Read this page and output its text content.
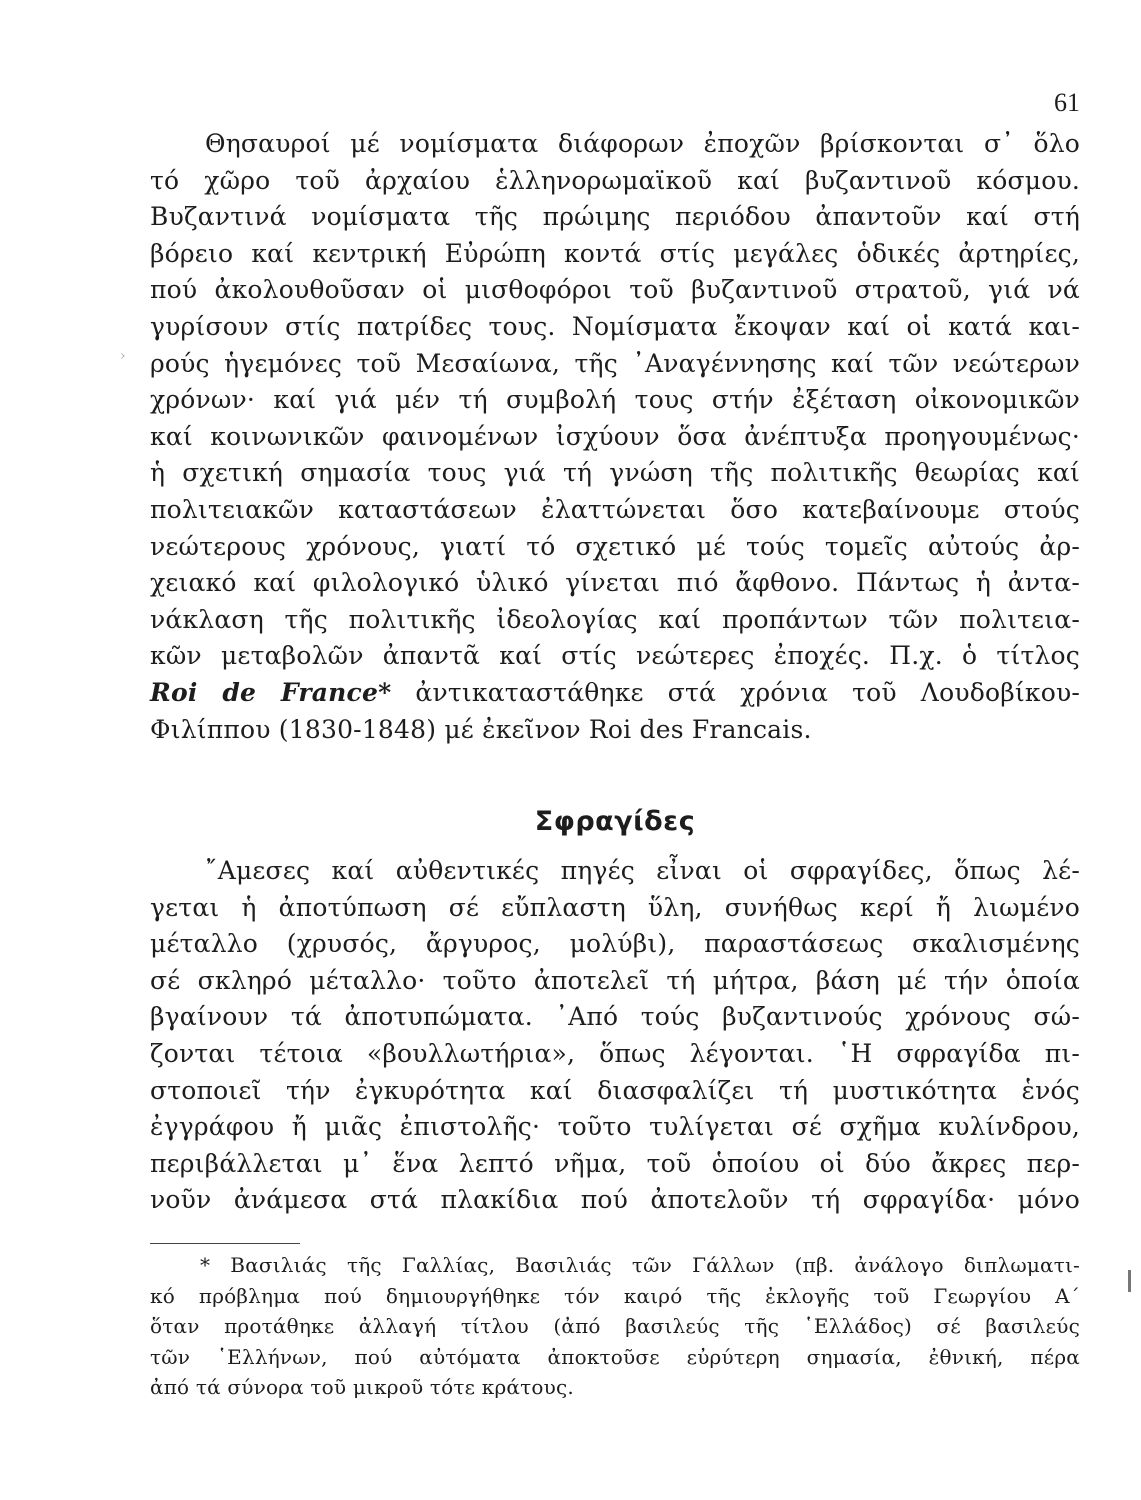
61
›
Θησαυροί μέ νομίσματα διάφορων ἐποχῶν βρίσκονται σ᾽ ὅλο
τό χῶρο τοῦ ἀρχαίου ἑλληνορωμαϊκοῦ καί βυζαντινοῦ κόσμου.
Βυζαντινά νομίσματα τῆς πρώιμης περιόδου ἀπαντοῦν καί στή
βόρειο καί κεντρική Εὐρώπη κοντά στίς μεγάλες ὁδικές ἀρτηρίες,
πού ἀκολουθοῦσαν οἱ μισθοφόροι τοῦ βυζαντινοῦ στρατοῦ, γιά νά
γυρίσουν στίς πατρίδες τους. Νομίσματα ἔκοψαν καί οἱ κατά και-
ρούς ἡγεμόνες τοῦ Μεσαίωνα, τῆς ᾿Αναγέννησης καί τῶν νεώτερων
χρόνων· καί γιά μέν τή συμβολή τους στήν ἐξέταση οἰκονομικῶν
καί κοινωνικῶν φαινομένων ἰσχύουν ὅσα ἀνέπτυξα προηγουμένως·
ἡ σχετική σημασία τους γιά τή γνώση τῆς πολιτικῆς θεωρίας καί
πολιτειακῶν καταστάσεων ἐλαττώνεται ὅσο κατεβαίνουμε στούς
νεώτερους χρόνους, γιατί τό σχετικό μέ τούς τομεῖς αὐτούς ἀρ-
χειακό καί φιλολογικό ὑλικό γίνεται πιό ἄφθονο. Πάντως ἡ ἀντα-
νάκλαση τῆς πολιτικῆς ἰδεολογίας καί προπάντων τῶν πολιτεια-
κῶν μεταβολῶν ἀπαντᾶ καί στίς νεώτερες ἐποχές. Π.χ. ὁ τίτλος
Roi de France* ἀντικαταστάθηκε στά χρόνια τοῦ Λουδοβίκου-
Φιλίππου (1830-1848) μέ ἐκεῖνον Roi des Francais.
Σφραγίδες
῎Αμεσες καί αὐθεντικές πηγές εἶναι οἱ σφραγίδες, ὅπως λέ-
γεται ἡ ἀποτύπωση σέ εὔπλαστη ὕλη, συνήθως κερί ἤ λιωμένο
μέταλλο (χρυσός, ἄργυρος, μολύβι), παραστάσεως σκαλισμένης
σέ σκληρό μέταλλο· τοῦτο ἀποτελεῖ τή μήτρα, βάση μέ τήν ὁποία
βγαίνουν τά ἀποτυπώματα. ᾿Από τούς βυζαντινούς χρόνους σώ-
ζονται τέτοια «βουλλωτήρια», ὅπως λέγονται. ῾Η σφραγίδα πι-
στοποιεῖ τήν ἐγκυρότητα καί διασφαλίζει τή μυστικότητα ἑνός
ἐγγράφου ἤ μιᾶς ἐπιστολῆς· τοῦτο τυλίγεται σέ σχῆμα κυλίνδρου,
περιβάλλεται μ᾽ ἕνα λεπτό νῆμα, τοῦ ὁποίου οἱ δύο ἄκρες περ-
νοῦν ἀνάμεσα στά πλακίδια πού ἀποτελοῦν τή σφραγίδα· μόνο
* Βασιλιάς τῆς Γαλλίας, Βασιλιάς τῶν Γάλλων (πβ. ἀνάλογο διπλωματι-
κό πρόβλημα πού δημιουργήθηκε τόν καιρό τῆς ἐκλογῆς τοῦ Γεωργίου Α´
ὅταν προτάθηκε ἀλλαγή τίτλου (ἀπό βασιλεύς τῆς ῾Ελλάδος) σέ βασιλεύς
τῶν ῾Ελλήνων, πού αὐτόματα ἀποκτοῦσε εὐρύτερη σημασία, ἐθνική, πέρα
ἀπό τά σύνορα τοῦ μικροῦ τότε κράτους.
